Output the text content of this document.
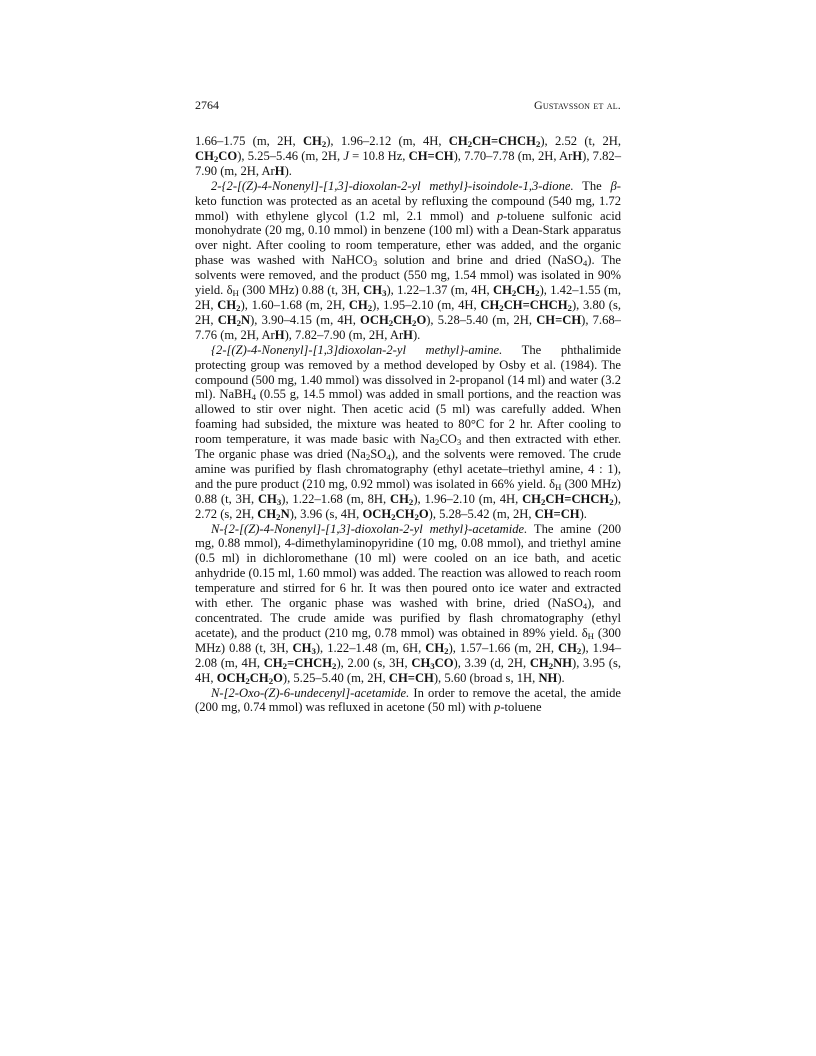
2764	Gustavsson et al.

1.66–1.75 (m, 2H, $CH_2$), 1.96–2.12 (m, 4H, $CH_2CH=CHCH_2$), 2.52 (t, 2H, $CH_2CO$), 5.25–5.46 (m, 2H, J = 10.8 Hz, CH=CH), 7.70–7.78 (m, 2H, ArH), 7.82–7.90 (m, 2H, ArH).

2-{2-[(Z)-4-Nonenyl]-[1,3]-dioxolan-2-yl methyl}-isoindole-1,3-dione. The β-keto function was protected as an acetal by refluxing the compound (540 mg, 1.72 mmol) with ethylene glycol (1.2 ml, 2.1 mmol) and p-toluene sulfonic acid monohydrate (20 mg, 0.10 mmol) in benzene (100 ml) with a Dean-Stark apparatus over night. After cooling to room temperature, ether was added, and the organic phase was washed with NaHCO$_3$ solution and brine and dried (NaSO$_4$). The solvents were removed, and the product (550 mg, 1.54 mmol) was isolated in 90% yield. $\delta_H$ (300 MHz) 0.88 (t, 3H, $CH_3$), 1.22–1.37 (m, 4H, $CH_2CH_2$), 1.42–1.55 (m, 2H, $CH_2$), 1.60–1.68 (m, 2H, $CH_2$), 1.95–2.10 (m, 4H, $CH_2CH=CHCH_2$), 3.80 (s, 2H, $CH_2N$), 3.90–4.15 (m, 4H, $OCH_2CH_2O$), 5.28–5.40 (m, 2H, CH=CH), 7.68–7.76 (m, 2H, ArH), 7.82–7.90 (m, 2H, ArH).

{2-[(Z)-4-Nonenyl]-[1,3]dioxolan-2-yl methyl}-amine. The phthalimide protecting group was removed by a method developed by Osby et al. (1984). The compound (500 mg, 1.40 mmol) was dissolved in 2-propanol (14 ml) and water (3.2 ml). NaBH$_4$ (0.55 g, 14.5 mmol) was added in small portions, and the reaction was allowed to stir over night. Then acetic acid (5 ml) was carefully added. When foaming had subsided, the mixture was heated to 80°C for 2 hr. After cooling to room temperature, it was made basic with $Na_2CO_3$ and then extracted with ether. The organic phase was dried $(Na_2SO_4)$, and the solvents were removed. The crude amine was purified by flash chromatography (ethyl acetate–triethyl amine, 4 : 1), and the pure product (210 mg, 0.92 mmol) was isolated in 66% yield. $\delta_H$ (300 MHz) 0.88 (t, 3H, $CH_3$), 1.22–1.68 (m, 8H, $CH_2$), 1.96–2.10 (m, 4H, $CH_2CH=CHCH_2$), 2.72 (s, 2H, $CH_2N$), 3.96 (s, 4H, $OCH_2CH_2O$), 5.28–5.42 (m, 2H, CH=CH).

N-{2-[(Z)-4-Nonenyl]-[1,3]-dioxolan-2-yl methyl}-acetamide. The amine (200 mg, 0.88 mmol), 4-dimethylaminopyridine (10 mg, 0.08 mmol), and triethyl amine (0.5 ml) in dichloromethane (10 ml) were cooled on an ice bath, and acetic anhydride (0.15 ml, 1.60 mmol) was added. The reaction was allowed to reach room temperature and stirred for 6 hr. It was then poured onto ice water and extracted with ether. The organic phase was washed with brine, dried (NaSO$_4$), and concentrated. The crude amide was purified by flash chromatography (ethyl acetate), and the product (210 mg, 0.78 mmol) was obtained in 89% yield. $\delta_H$ (300 MHz) 0.88 (t, 3H, $CH_3$), 1.22–1.48 (m, 6H, $CH_2$), 1.57–1.66 (m, 2H, $CH_2$), 1.94–2.08 (m, 4H, $CH_2=CHCH_2$), 2.00 (s, 3H, $CH_3CO$), 3.39 (d, 2H, $CH_2NH$), 3.95 (s, 4H, $OCH_2CH_2O$), 5.25–5.40 (m, 2H, CH=CH), 5.60 (broad s, 1H, NH).

N-[2-Oxo-(Z)-6-undecenyl]-acetamide. In order to remove the acetal, the amide (200 mg, 0.74 mmol) was refluxed in acetone (50 ml) with p-toluene
